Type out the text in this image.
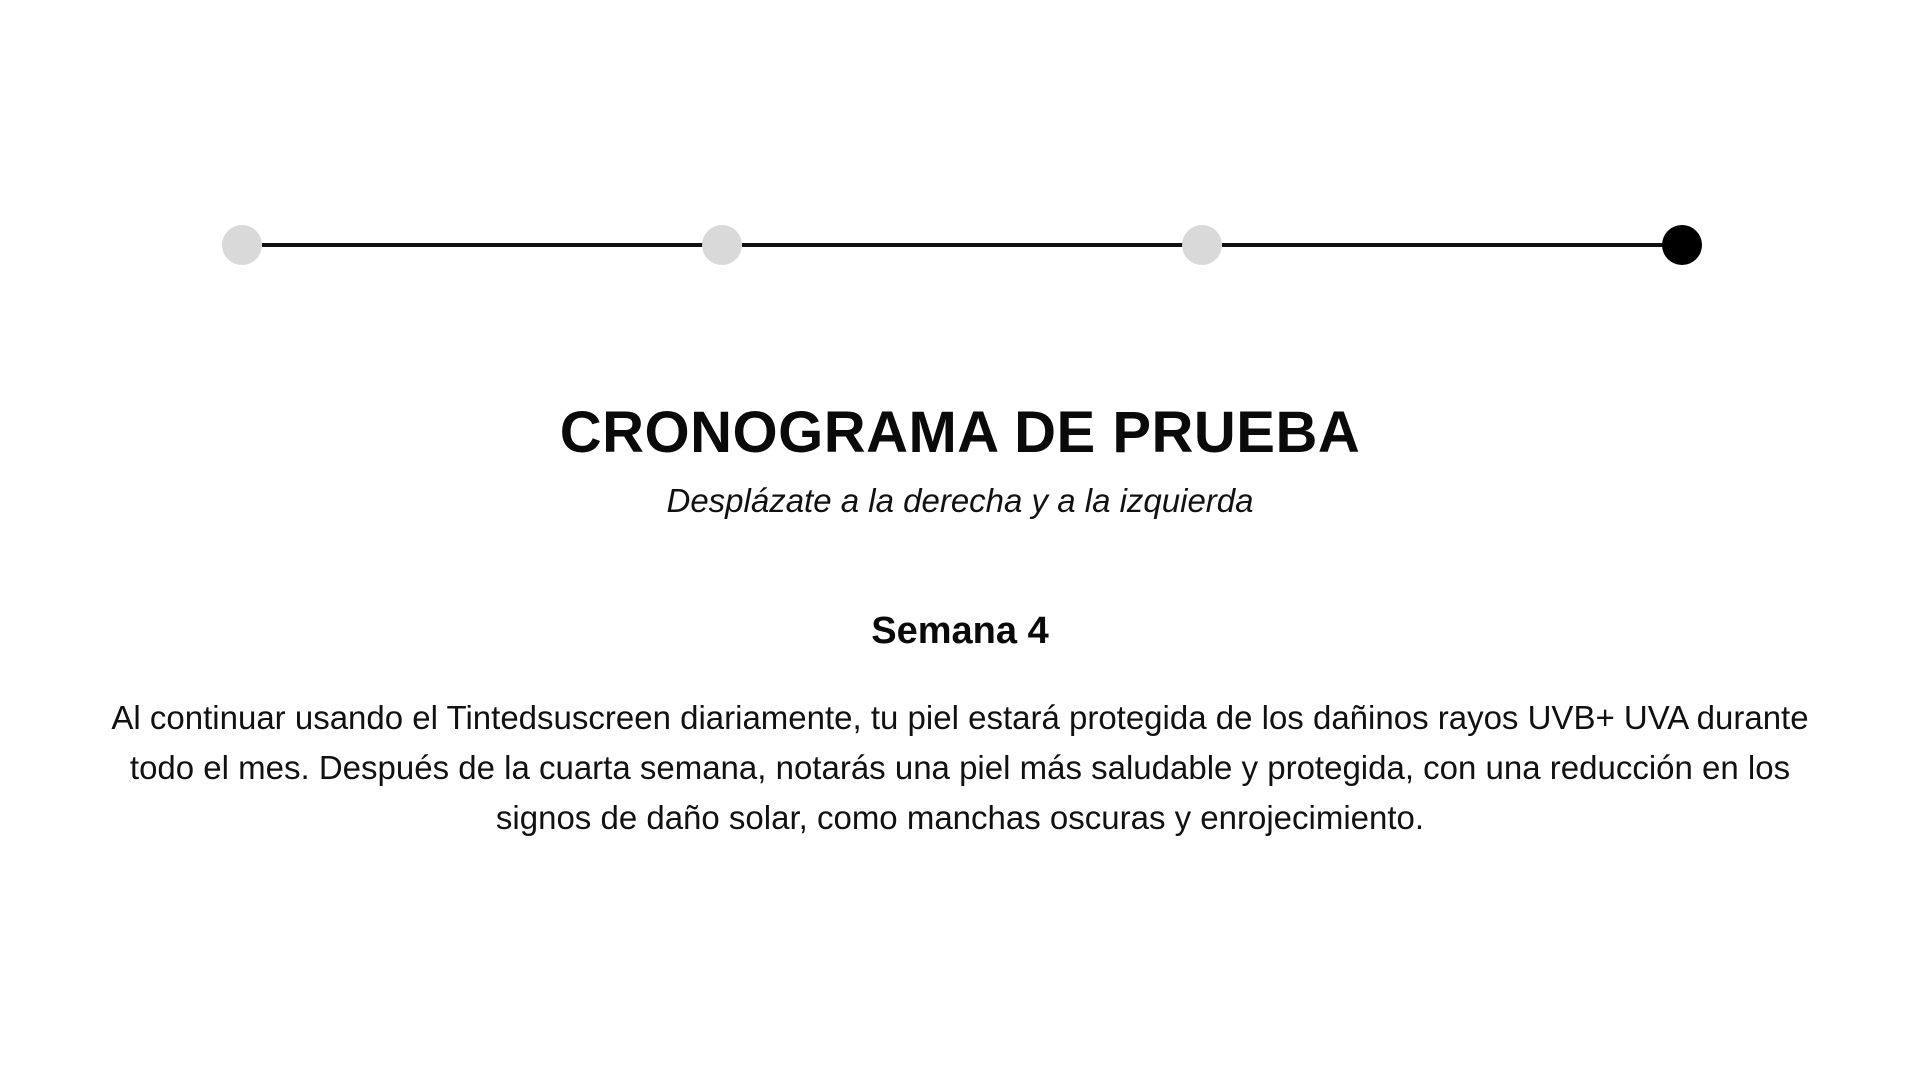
CRONOGRAMA DE PRUEBA
Desplázate a la derecha y a la izquierda
Semana 4
Al continuar usando el Tintedsuscreen diariamente, tu piel estará protegida de los dañinos rayos UVB+ UVA durante todo el mes. Después de la cuarta semana, notarás una piel más saludable y protegida, con una reducción en los signos de daño solar, como manchas oscuras y enrojecimiento.
